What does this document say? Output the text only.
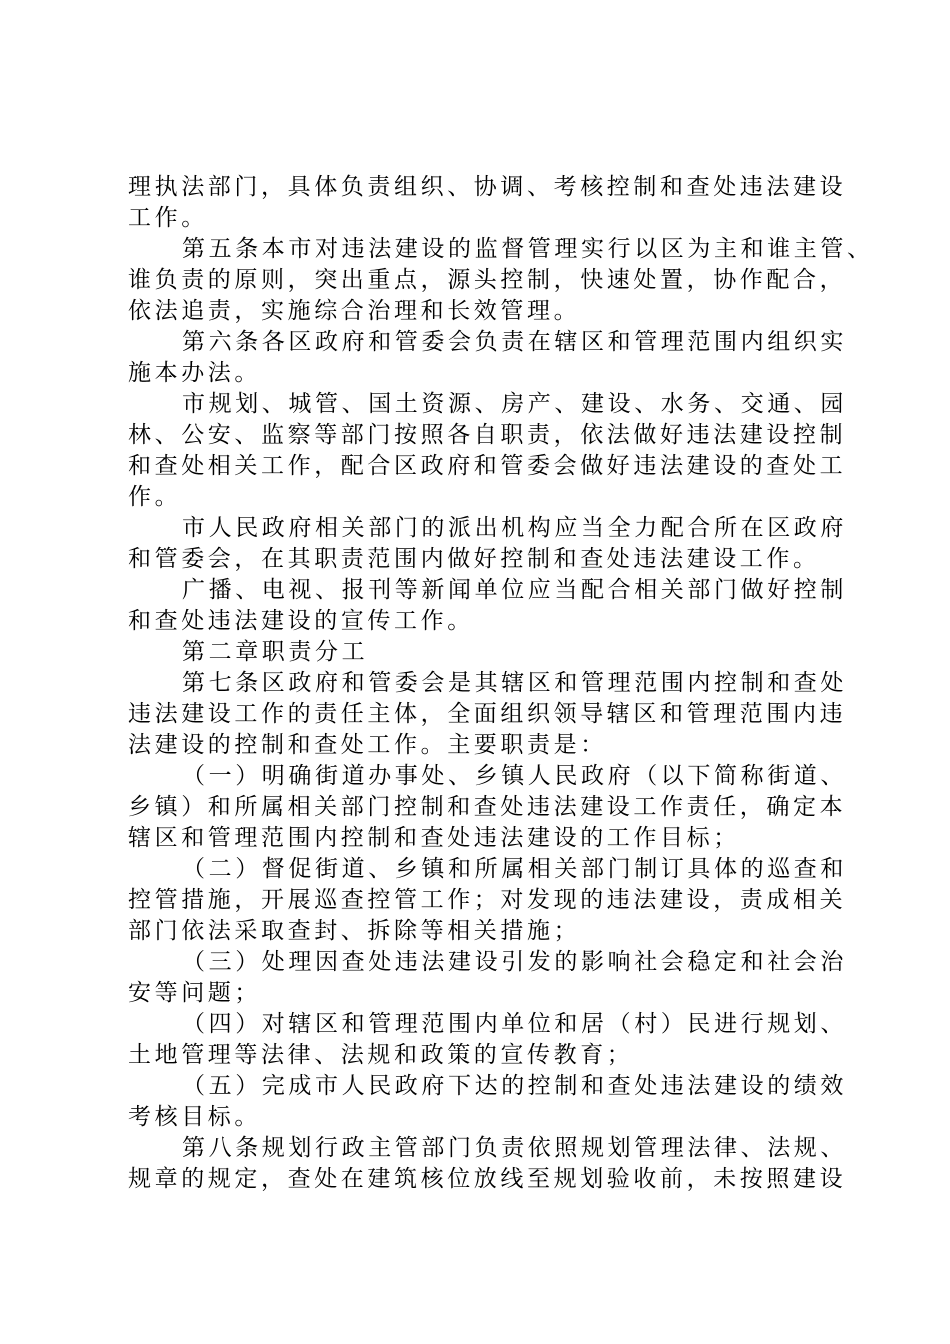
理执法部门，具体负责组织、协调、考核控制和查处违法建设
工作。
第五条本市对违法建设的监督管理实行以区为主和谁主管、
谁负责的原则，突出重点，源头控制，快速处置，协作配合，
依法追责，实施综合治理和长效管理。
第六条各区政府和管委会负责在辖区和管理范围内组织实
施本办法。
市规划、城管、国土资源、房产、建设、水务、交通、园
林、公安、监察等部门按照各自职责，依法做好违法建设控制
和查处相关工作，配合区政府和管委会做好违法建设的查处工
作。
市人民政府相关部门的派出机构应当全力配合所在区政府
和管委会，在其职责范围内做好控制和查处违法建设工作。
广播、电视、报刊等新闻单位应当配合相关部门做好控制
和查处违法建设的宣传工作。
第二章职责分工
第七条区政府和管委会是其辖区和管理范围内控制和查处
违法建设工作的责任主体，全面组织领导辖区和管理范围内违
法建设的控制和查处工作。主要职责是：
（一）明确街道办事处、乡镇人民政府（以下简称街道、
乡镇）和所属相关部门控制和查处违法建设工作责任，确定本
辖区和管理范围内控制和查处违法建设的工作目标；
（二）督促街道、乡镇和所属相关部门制订具体的巡查和
控管措施，开展巡查控管工作；对发现的违法建设，责成相关
部门依法采取查封、拆除等相关措施；
（三）处理因查处违法建设引发的影响社会稳定和社会治
安等问题；
（四）对辖区和管理范围内单位和居（村）民进行规划、
土地管理等法律、法规和政策的宣传教育；
（五）完成市人民政府下达的控制和查处违法建设的绩效
考核目标。
第八条规划行政主管部门负责依照规划管理法律、法规、
规章的规定，查处在建筑核位放线至规划验收前，未按照建设
